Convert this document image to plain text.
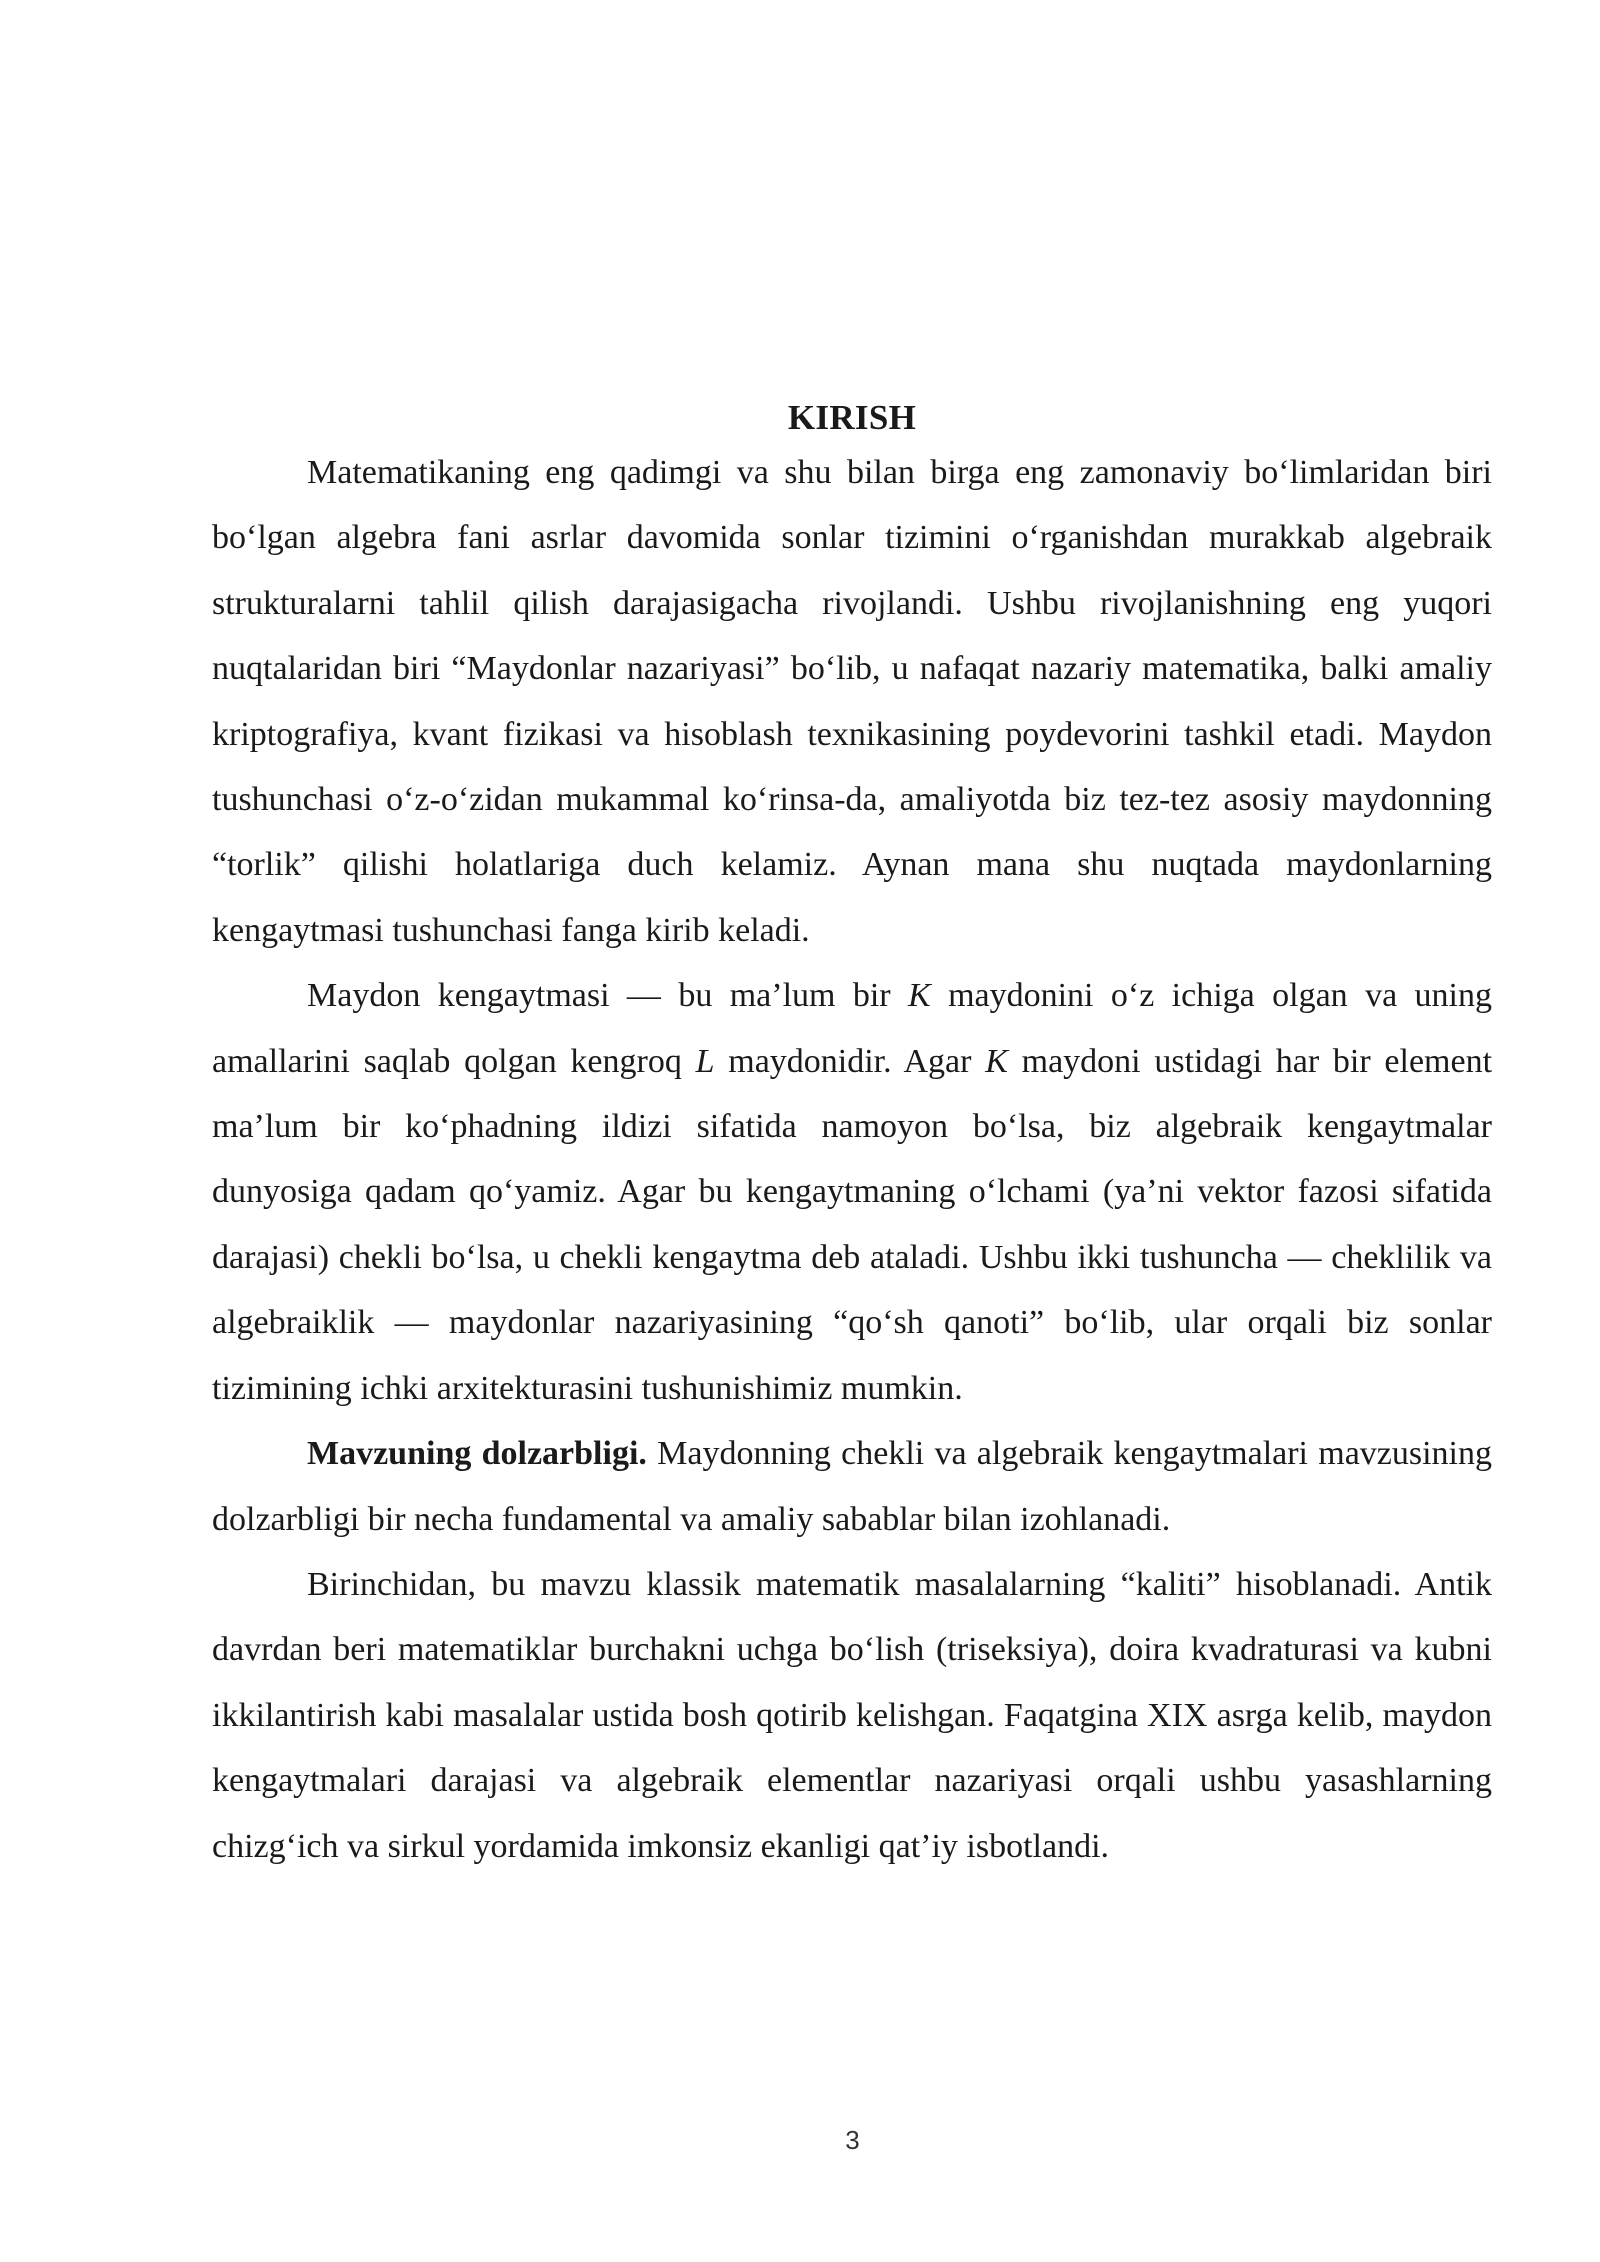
KIRISH

Matematikaning eng qadimgi va shu bilan birga eng zamonaviy bo‘limlaridan biri bo‘lgan algebra fani asrlar davomida sonlar tizimini o‘rganishdan murakkab algebraik strukturalarni tahlil qilish darajasigacha rivojlandi. Ushbu rivojlanishning eng yuqori nuqtalaridan biri “Maydonlar nazariyasi” bo‘lib, u nafaqat nazariy matematika, balki amaliy kriptografiya, kvant fizikasi va hisoblash texnikasining poydevorini tashkil etadi. Maydon tushunchasi o‘z-o‘zidan mukammal ko‘rinsa-da, amaliyotda biz tez-tez asosiy maydonning “torlik” qilishi holatlariga duch kelamiz. Aynan mana shu nuqtada maydonlarning kengaytmasi tushunchasi fanga kirib keladi.

Maydon kengaytmasi — bu ma’lum bir K maydonini o‘z ichiga olgan va uning amallarini saqlab qolgan kengroq L maydonidir. Agar K maydoni ustidagi har bir element ma’lum bir ko‘phadning ildizi sifatida namoyon bo‘lsa, biz algebraik kengaytmalar dunyosiga qadam qo‘yamiz. Agar bu kengaytmaning o‘lchami (ya’ni vektor fazosi sifatida darajasi) chekli bo‘lsa, u chekli kengaytma deb ataladi. Ushbu ikki tushuncha — cheklilik va algebraiklik — maydonlar nazariyasining “qo‘sh qanoti” bo‘lib, ular orqali biz sonlar tizimining ichki arxitekturasini tushunishimiz mumkin.

Mavzuning dolzarbligi. Maydonning chekli va algebraik kengaytmalari mavzusining dolzarbligi bir necha fundamental va amaliy sabablar bilan izohlanadi.

Birinchidan, bu mavzu klassik matematik masalalarning “kaliti” hisoblanadi. Antik davrdan beri matematiklar burchakni uchga bo‘lish (triseksiya), doira kvadraturasi va kubni ikkilantirish kabi masalalar ustida bosh qotirib kelishgan. Faqatgina XIX asrga kelib, maydon kengaytmalari darajasi va algebraik elementlar nazariyasi orqali ushbu yasashlarning chizg‘ich va sirkul yordamida imkonsiz ekanligi qat’iy isbotlandi.

3
